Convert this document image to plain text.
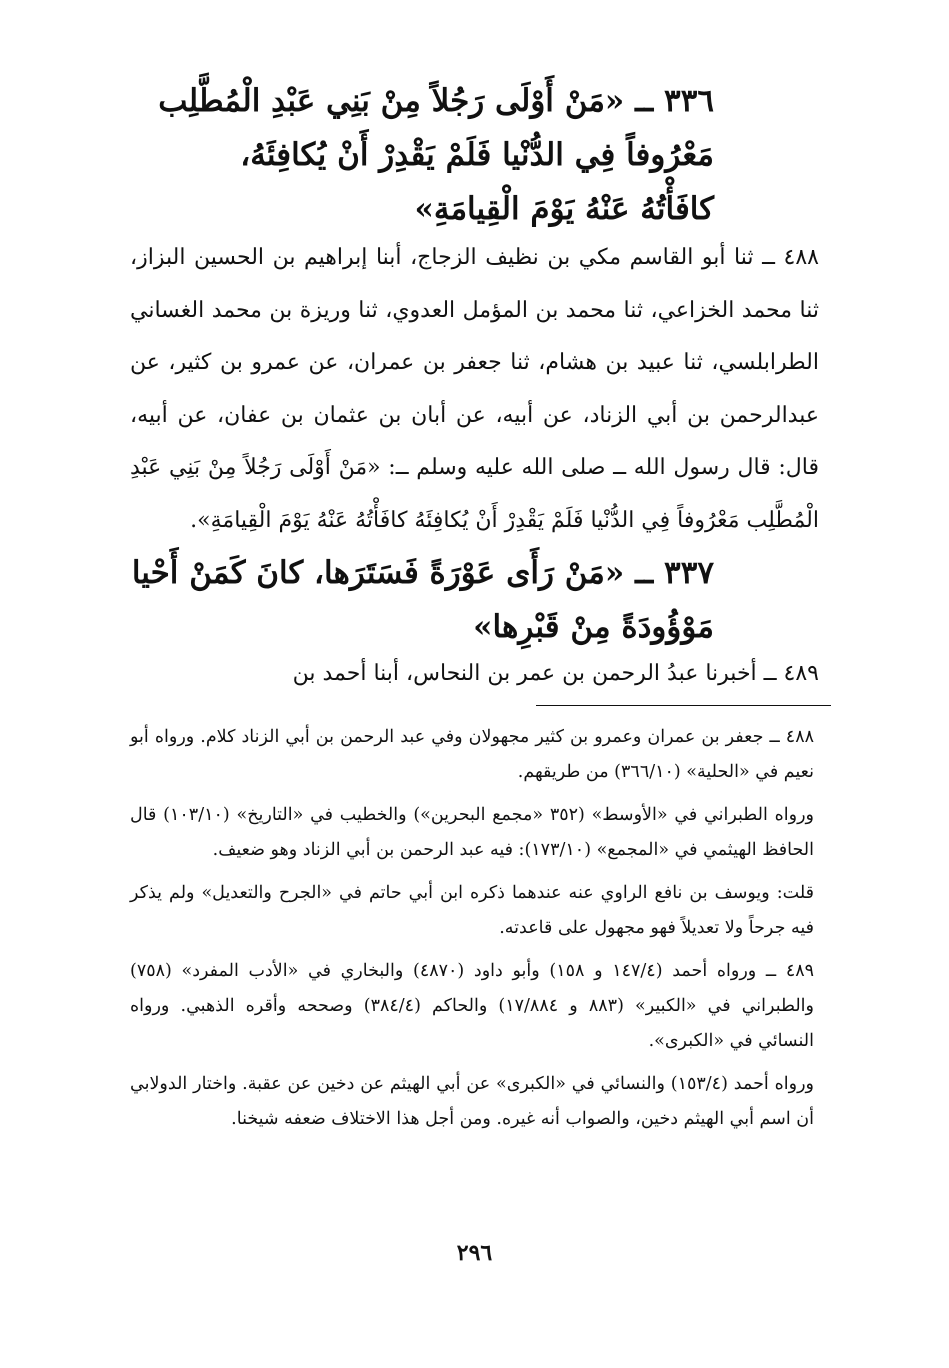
٣٣٦ ــ «مَنْ أَوْلَى رَجُلاً مِنْ بَنِي عَبْدِ الْمُطَّلِب
مَعْرُوفاً فِي الدُّنْيا فَلَمْ يَقْدِرْ أَنْ يُكافِئَهُ،
كافَأْتُهُ عَنْهُ يَوْمَ الْقِيامَةِ»
٤٨٨ ــ ثنا أبو القاسم مكي بن نظيف الزجاج، أبنا إبراهيم بن الحسين البزاز، ثنا محمد الخزاعي، ثنا محمد بن المؤمل العدوي، ثنا وريزة بن محمد الغساني الطرابلسي، ثنا عبيد بن هشام، ثنا جعفر بن عمران، عن عمرو بن كثير، عن عبدالرحمن بن أبي الزناد، عن أبيه، عن أبان بن عثمان بن عفان، عن أبيه، قال: قال رسول الله ــ صلى الله عليه وسلم ــ: «مَنْ أَوْلَى رَجُلاً مِنْ بَنِي عَبْدِ الْمُطَّلِب مَعْرُوفاً فِي الدُّنْيا فَلَمْ يَقْدِرْ أَنْ يُكافِئَهُ كافَأْتُهُ عَنْهُ يَوْمَ الْقِيامَةِ».
٣٣٧ ــ «مَنْ رَأَى عَوْرَةً فَسَتَرَها، كانَ كَمَنْ أَحْيا
مَوْؤُودَةً مِنْ قَبْرِها»
٤٨٩ ــ أخبرنا عبدُ الرحمن بن عمر بن النحاس، أبنا أحمد بن

٤٨٨ ــ جعفر بن عمران وعمرو بن كثير مجهولان وفي عبد الرحمن بن أبي الزناد كلام. ورواه أبو نعيم في «الحلية» (٣٦٦/١٠) من طريقهم.

ورواه الطبراني في «الأوسط» (٣٥٢ «مجمع البحرين») والخطيب في «التاريخ» (١٠٣/١٠) قال الحافظ الهيثمي في «المجمع» (١٧٣/١٠): فيه عبد الرحمن بن أبي الزناد وهو ضعيف.

قلت: ويوسف بن نافع الراوي عنه عندهما ذكره ابن أبي حاتم في «الجرح والتعديل» ولم يذكر فيه جرحاً ولا تعديلاً فهو مجهول على قاعدته.

٤٨٩ ــ ورواه أحمد (١٤٧/٤ و ١٥٨) وأبو داود (٤٨٧٠) والبخاري في «الأدب المفرد» (٧٥٨) والطبراني في «الكبير» (٨٨٣ و ١٧/٨٨٤) والحاكم (٣٨٤/٤) وصححه وأقره الذهبي. ورواه النسائي في «الكبرى».

ورواه أحمد (١٥٣/٤) والنسائي في «الكبرى» عن أبي الهيثم عن دخين عن عقبة. واختار الدولابي أن اسم أبي الهيثم دخين، والصواب أنه غيره. ومن أجل هذا الاختلاف ضعفه شيخنا.

٢٩٦
